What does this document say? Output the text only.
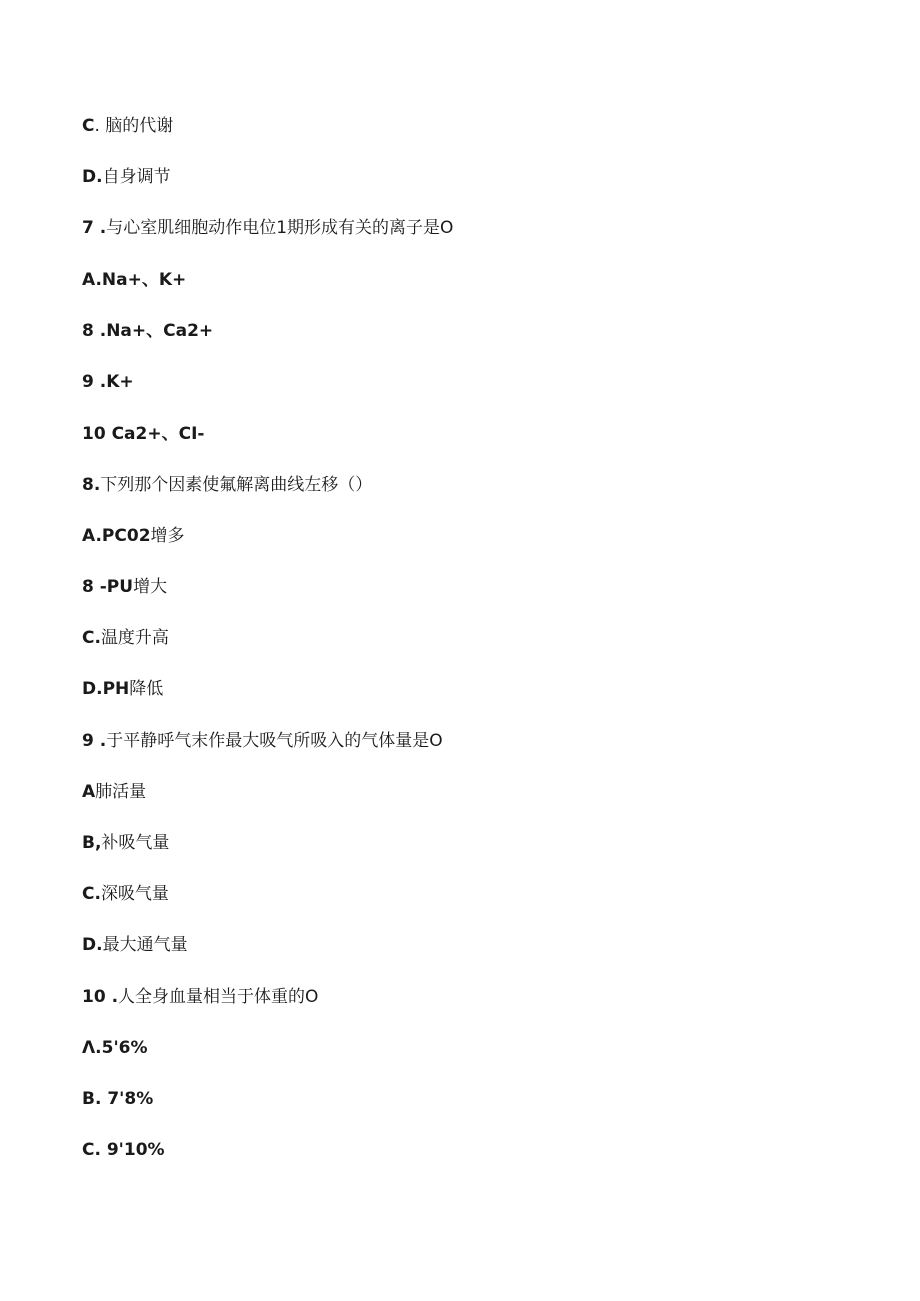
C. 脑的代谢
D.自身调节
7 .与心室肌细胞动作电位1期形成有关的离子是O
A.Na+、K+
8 .Na+、Ca2+
9 .K+
10 Ca2+、CI-
8.下列那个因素使氟解离曲线左移（）
A.PC02增多
8 -PU增大
C.温度升高
D.PH降低
9 .于平静呼气末作最大吸气所吸入的气体量是O
A肺活量
B,补吸气量
C.深吸气量
D.最大通气量
10 .人全身血量相当于体重的O
Λ.5'6%
B. 7'8%
C. 9'10%
